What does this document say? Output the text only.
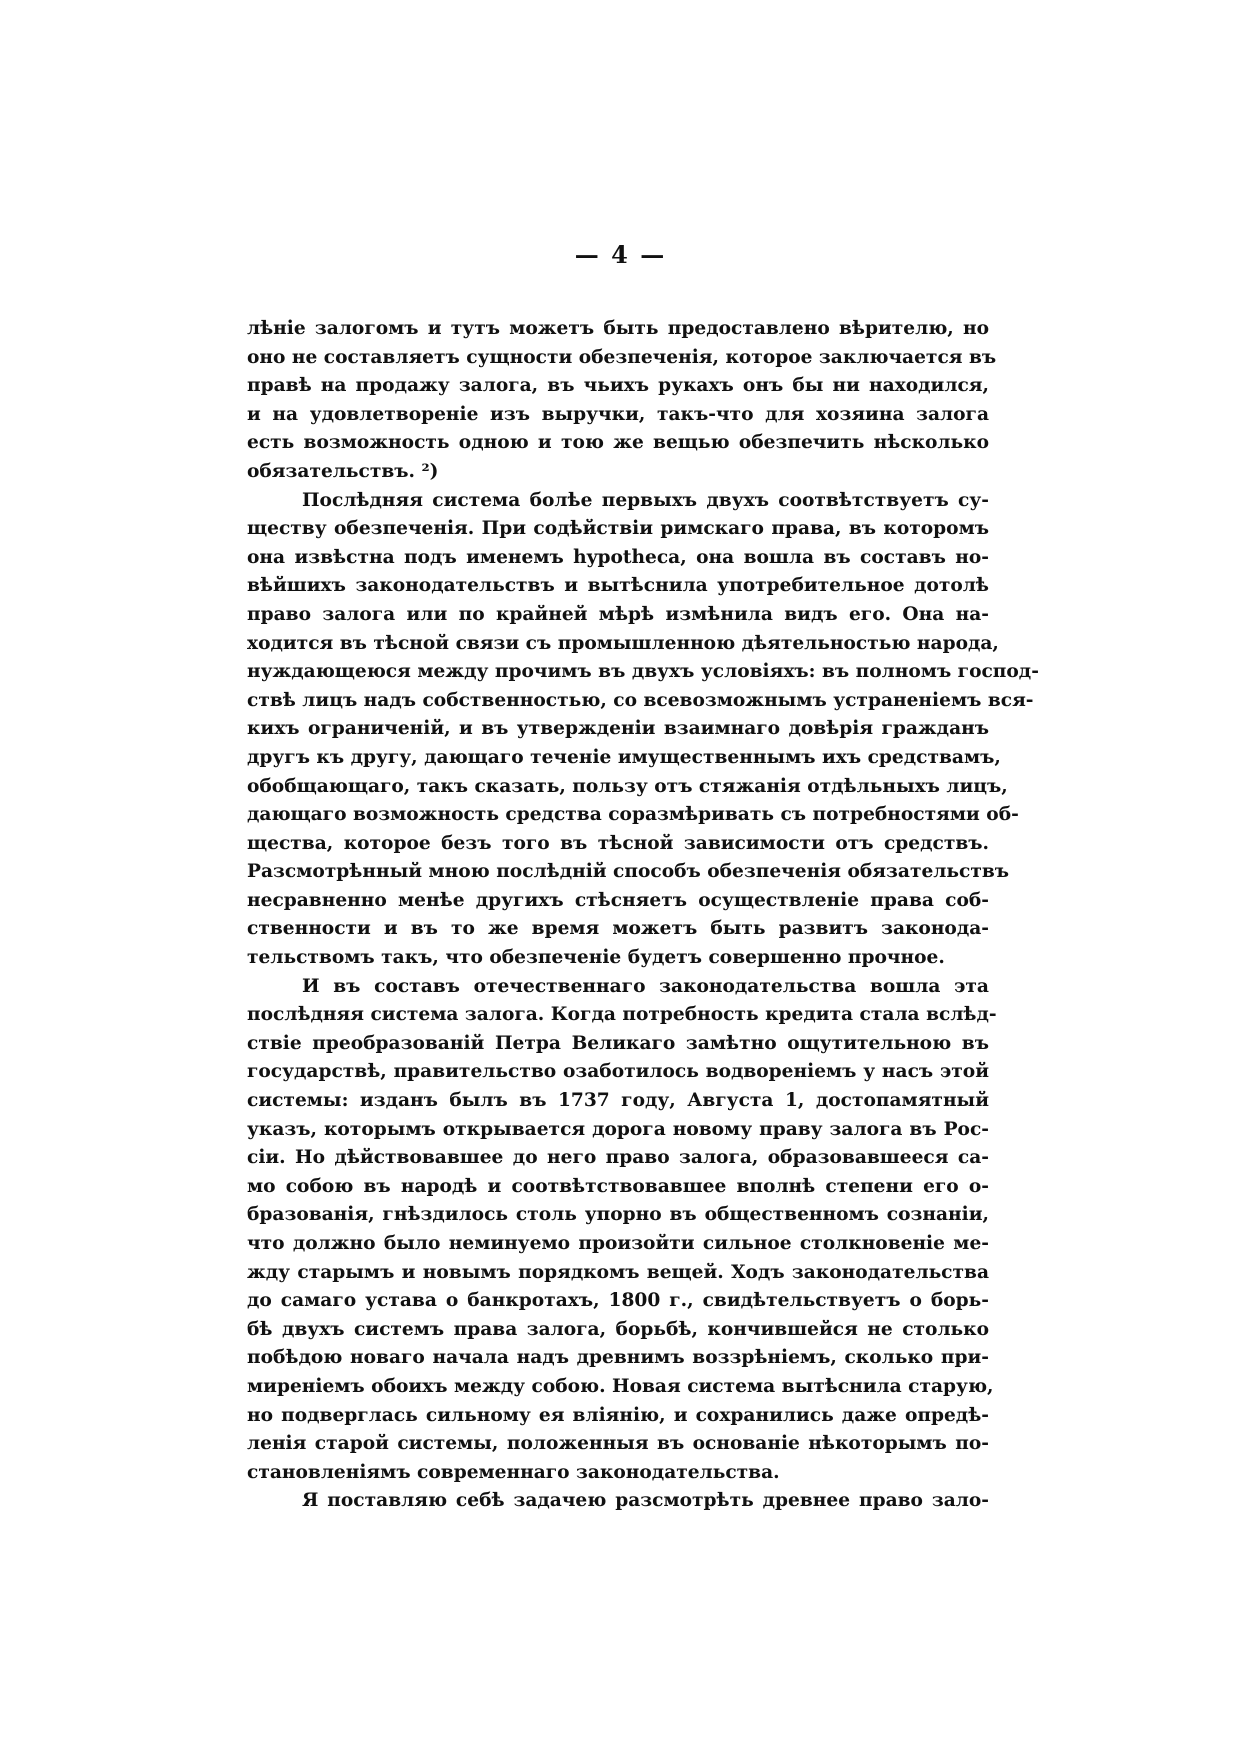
— 4 —
лѣніе залогомъ и тутъ можетъ быть предоставлено вѣрителю, но
оно не составляетъ сущности обезпеченія, которое заключается въ
правѣ на продажу залога, въ чьихъ рукахъ онъ бы ни находился,
и на удовлетвореніе изъ выручки, такъ-что для хозяина залога
есть возможность одною и тою же вещью обезпечить нѣсколько
обязательствъ. ²)
Послѣдняя система болѣе первыхъ двухъ соотвѣтствуетъ су-
ществу обезпеченія. При содѣйствіи римскаго права, въ которомъ
она извѣстна подъ именемъ hypotheca, она вошла въ составъ но-
вѣйшихъ законодательствъ и вытѣснила употребительное дотолѣ
право залога или по крайней мѣрѣ измѣнила видъ его. Она на-
ходится въ тѣсной связи съ промышленною дѣятельностью народа,
нуждающеюся между прочимъ въ двухъ условіяхъ: въ полномъ господ-
ствѣ лицъ надъ собственностью, со всевозможнымъ устраненіемъ вся-
кихъ ограниченій, и въ утвержденіи взаимнаго довѣрія гражданъ
другъ къ другу, дающаго теченіе имущественнымъ ихъ средствамъ,
обобщающаго, такъ сказать, пользу отъ стяжанія отдѣльныхъ лицъ,
дающаго возможность средства соразмѣривать съ потребностями об-
щества, которое безъ того въ тѣсной зависимости отъ средствъ.
Разсмотрѣнный мною послѣдній способъ обезпеченія обязательствъ
несравненно менѣе другихъ стѣсняетъ осуществленіе права соб-
ственности и въ то же время можетъ быть развитъ законода-
тельствомъ такъ, что обезпеченіе будетъ совершенно прочное.
И въ составъ отечественнаго законодательства вошла эта
послѣдняя система залога. Когда потребность кредита стала вслѣд-
ствіе преобразованій Петра Великаго замѣтно ощутительною въ
государствѣ, правительство озаботилось водвореніемъ у насъ этой
системы: изданъ былъ въ 1737 году, Августа 1, достопамятный
указъ, которымъ открывается дорога новому праву залога въ Рос-
сіи. Но дѣйствовавшее до него право залога, образовавшееся са-
мо собою въ народѣ и соотвѣтствовавшее вполнѣ степени его о-
бразованія, гнѣздилось столь упорно въ общественномъ сознаніи,
что должно было неминуемо произойти сильное столкновеніе ме-
жду старымъ и новымъ порядкомъ вещей. Ходъ законодательства
до самаго устава о банкротахъ, 1800 г., свидѣтельствуетъ о борь-
бѣ двухъ системъ права залога, борьбѣ, кончившейся не столько
побѣдою новаго начала надъ древнимъ воззрѣніемъ, сколько при-
миреніемъ обоихъ между собою. Новая система вытѣснила старую,
но подверглась сильному ея вліянію, и сохранились даже опредѣ-
ленія старой системы, положенныя въ основаніе нѣкоторымъ по-
становленіямъ современнаго законодательства.
Я поставляю себѣ задачею разсмотрѣть древнее право зало-
